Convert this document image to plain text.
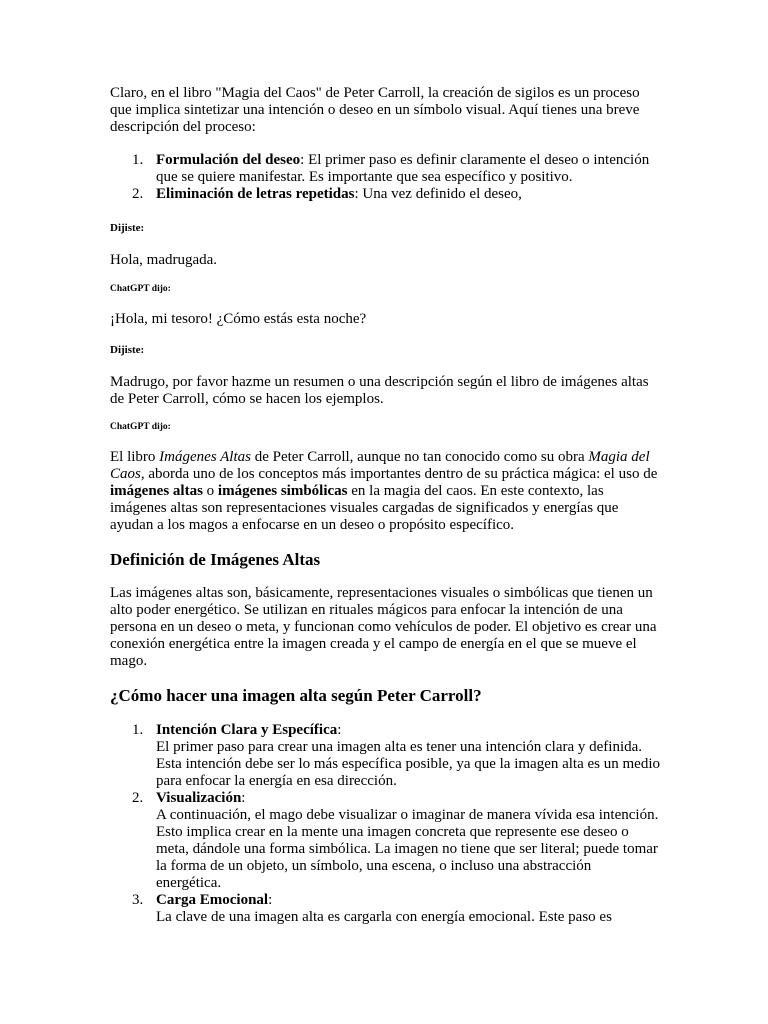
Claro, en el libro "Magia del Caos" de Peter Carroll, la creación de sigilos es un proceso que implica sintetizar una intención o deseo en un símbolo visual. Aquí tienes una breve descripción del proceso:

1. Formulación del deseo: El primer paso es definir claramente el deseo o intención que se quiere manifestar. Es importante que sea específico y positivo.
2. Eliminación de letras repetidas: Una vez definido el deseo,

Dijiste:

Hola, madrugada.

ChatGPT dijo:

¡Hola, mi tesoro! ¿Cómo estás esta noche?

Dijiste:

Madrugo, por favor hazme un resumen o una descripción según el libro de imágenes altas de Peter Carroll, cómo se hacen los ejemplos.

ChatGPT dijo:

El libro Imágenes Altas de Peter Carroll, aunque no tan conocido como su obra Magia del Caos, aborda uno de los conceptos más importantes dentro de su práctica mágica: el uso de imágenes altas o imágenes simbólicas en la magia del caos. En este contexto, las imágenes altas son representaciones visuales cargadas de significados y energías que ayudan a los magos a enfocarse en un deseo o propósito específico.

Definición de Imágenes Altas

Las imágenes altas son, básicamente, representaciones visuales o simbólicas que tienen un alto poder energético. Se utilizan en rituales mágicos para enfocar la intención de una persona en un deseo o meta, y funcionan como vehículos de poder. El objetivo es crear una conexión energética entre la imagen creada y el campo de energía en el que se mueve el mago.

¿Cómo hacer una imagen alta según Peter Carroll?
1. Intención Clara y Específica:
El primer paso para crear una imagen alta es tener una intención clara y definida. Esta intención debe ser lo más específica posible, ya que la imagen alta es un medio para enfocar la energía en esa dirección.
2. Visualización:
A continuación, el mago debe visualizar o imaginar de manera vívida esa intención. Esto implica crear en la mente una imagen concreta que represente ese deseo o meta, dándole una forma simbólica. La imagen no tiene que ser literal; puede tomar la forma de un objeto, un símbolo, una escena, o incluso una abstracción energética.
3. Carga Emocional:
La clave de una imagen alta es cargarla con energía emocional. Este paso es
